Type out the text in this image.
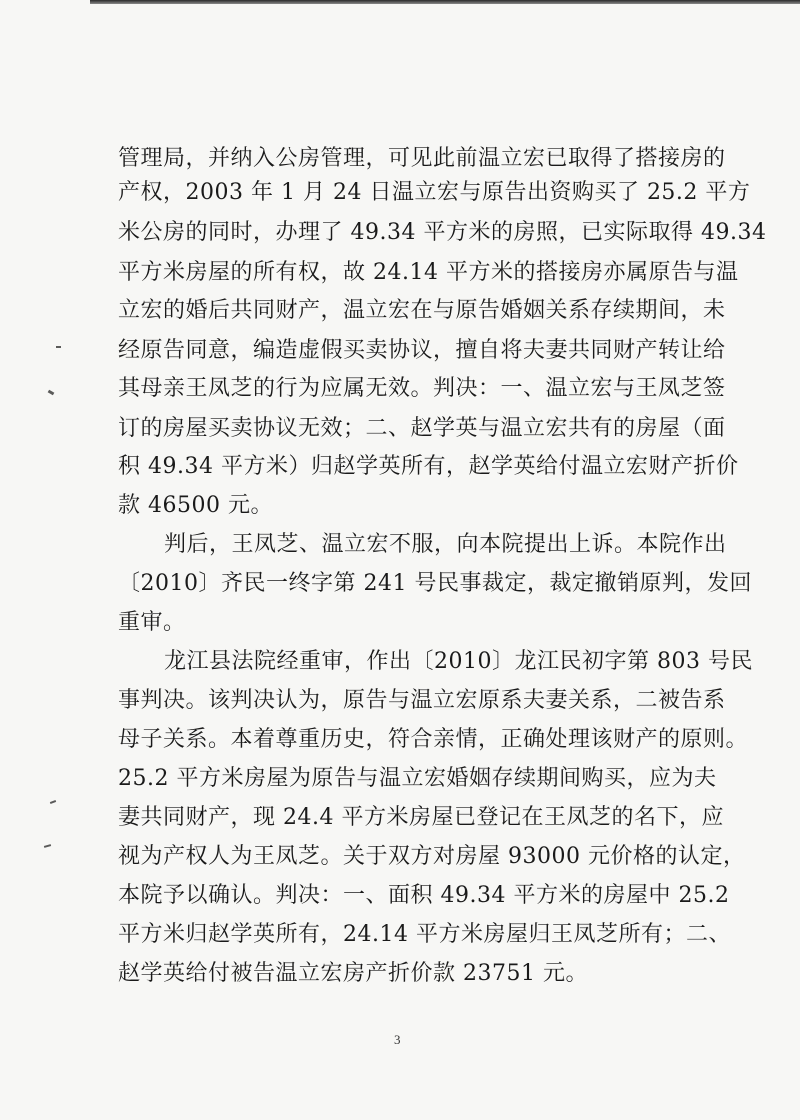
管理局，并纳入公房管理，可见此前温立宏已取得了搭接房的
产权，2003 年 1 月 24 日温立宏与原告出资购买了 25.2 平方
米公房的同时，办理了 49.34 平方米的房照，已实际取得 49.34
平方米房屋的所有权，故 24.14 平方米的搭接房亦属原告与温
立宏的婚后共同财产，温立宏在与原告婚姻关系存续期间，未
经原告同意，编造虚假买卖协议，擅自将夫妻共同财产转让给
其母亲王凤芝的行为应属无效。判决：一、温立宏与王凤芝签
订的房屋买卖协议无效；二、赵学英与温立宏共有的房屋（面
积 49.34 平方米）归赵学英所有，赵学英给付温立宏财产折价
款 46500 元。
判后，王凤芝、温立宏不服，向本院提出上诉。本院作出
〔2010〕齐民一终字第 241 号民事裁定，裁定撤销原判，发回
重审。
龙江县法院经重审，作出〔2010〕龙江民初字第 803 号民
事判决。该判决认为，原告与温立宏原系夫妻关系，二被告系
母子关系。本着尊重历史，符合亲情，正确处理该财产的原则。
25.2 平方米房屋为原告与温立宏婚姻存续期间购买，应为夫
妻共同财产，现 24.4 平方米房屋已登记在王凤芝的名下，应
视为产权人为王凤芝。关于双方对房屋 93000 元价格的认定，
本院予以确认。判决：一、面积 49.34 平方米的房屋中 25.2
平方米归赵学英所有，24.14 平方米房屋归王凤芝所有；二、
赵学英给付被告温立宏房产折价款 23751 元。
3
